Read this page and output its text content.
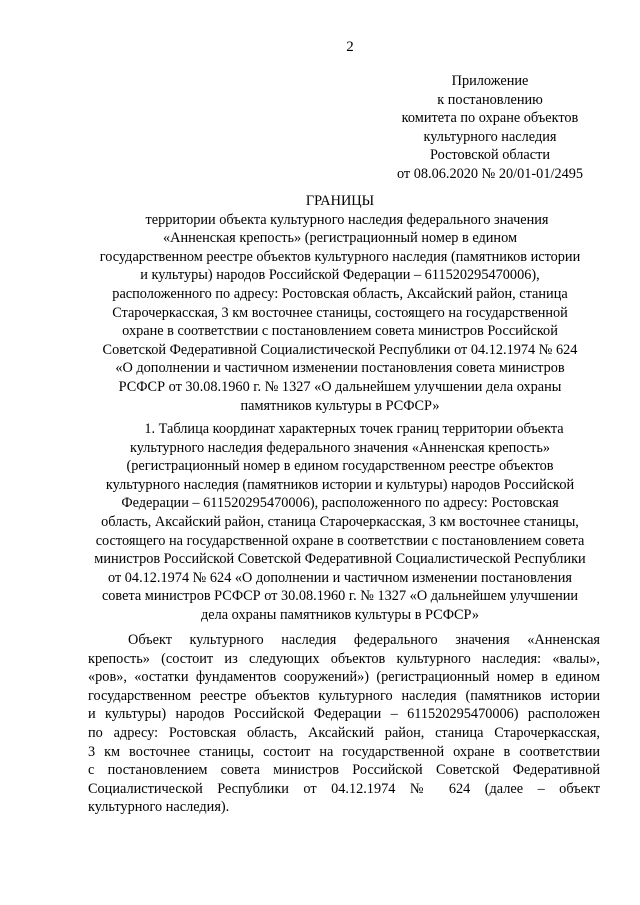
2
Приложение
к постановлению
комитета по охране объектов
культурного наследия
Ростовской области
от 08.06.2020 № 20/01-01/2495
ГРАНИЦЫ
территории объекта культурного наследия федерального значения
«Анненская крепость» (регистрационный номер в едином
государственном реестре объектов культурного наследия (памятников истории
и культуры) народов Российской Федерации – 611520295470006),
расположенного по адресу: Ростовская область, Аксайский район, станица
Старочеркасская, 3 км восточнее станицы, состоящего на государственной
охране в соответствии с постановлением совета министров Российской
Советской Федеративной Социалистической Республики от 04.12.1974 № 624
«О дополнении и частичном изменении постановления совета министров
РСФСР от 30.08.1960 г. № 1327 «О дальнейшем улучшении дела охраны
памятников культуры в РСФСР»
1. Таблица координат характерных точек границ территории объекта
культурного наследия федерального значения «Анненская крепость»
(регистрационный номер в едином государственном реестре объектов
культурного наследия (памятников истории и культуры) народов Российской
Федерации – 611520295470006), расположенного по адресу: Ростовская
область, Аксайский район, станица Старочеркасская, 3 км восточнее станицы,
состоящего на государственной охране в соответствии с постановлением совета
министров Российской Советской Федеративной Социалистической Республики
от 04.12.1974 № 624 «О дополнении и частичном изменении постановления
совета министров РСФСР от 30.08.1960 г. № 1327 «О дальнейшем улучшении
дела охраны памятников культуры в РСФСР»
Объект культурного наследия федерального значения «Анненская
крепость» (состоит из следующих объектов культурного наследия: «валы»,
«ров», «остатки фундаментов сооружений») (регистрационный номер в едином
государственном реестре объектов культурного наследия (памятников истории
и культуры) народов Российской Федерации – 611520295470006) расположен
по адресу: Ростовская область, Аксайский район, станица Старочеркасская,
3 км восточнее станицы, состоит на государственной охране в соответствии
с постановлением совета министров Российской Советской Федеративной
Социалистической Республики от 04.12.1974 № 624 (далее – объект
культурного наследия).
